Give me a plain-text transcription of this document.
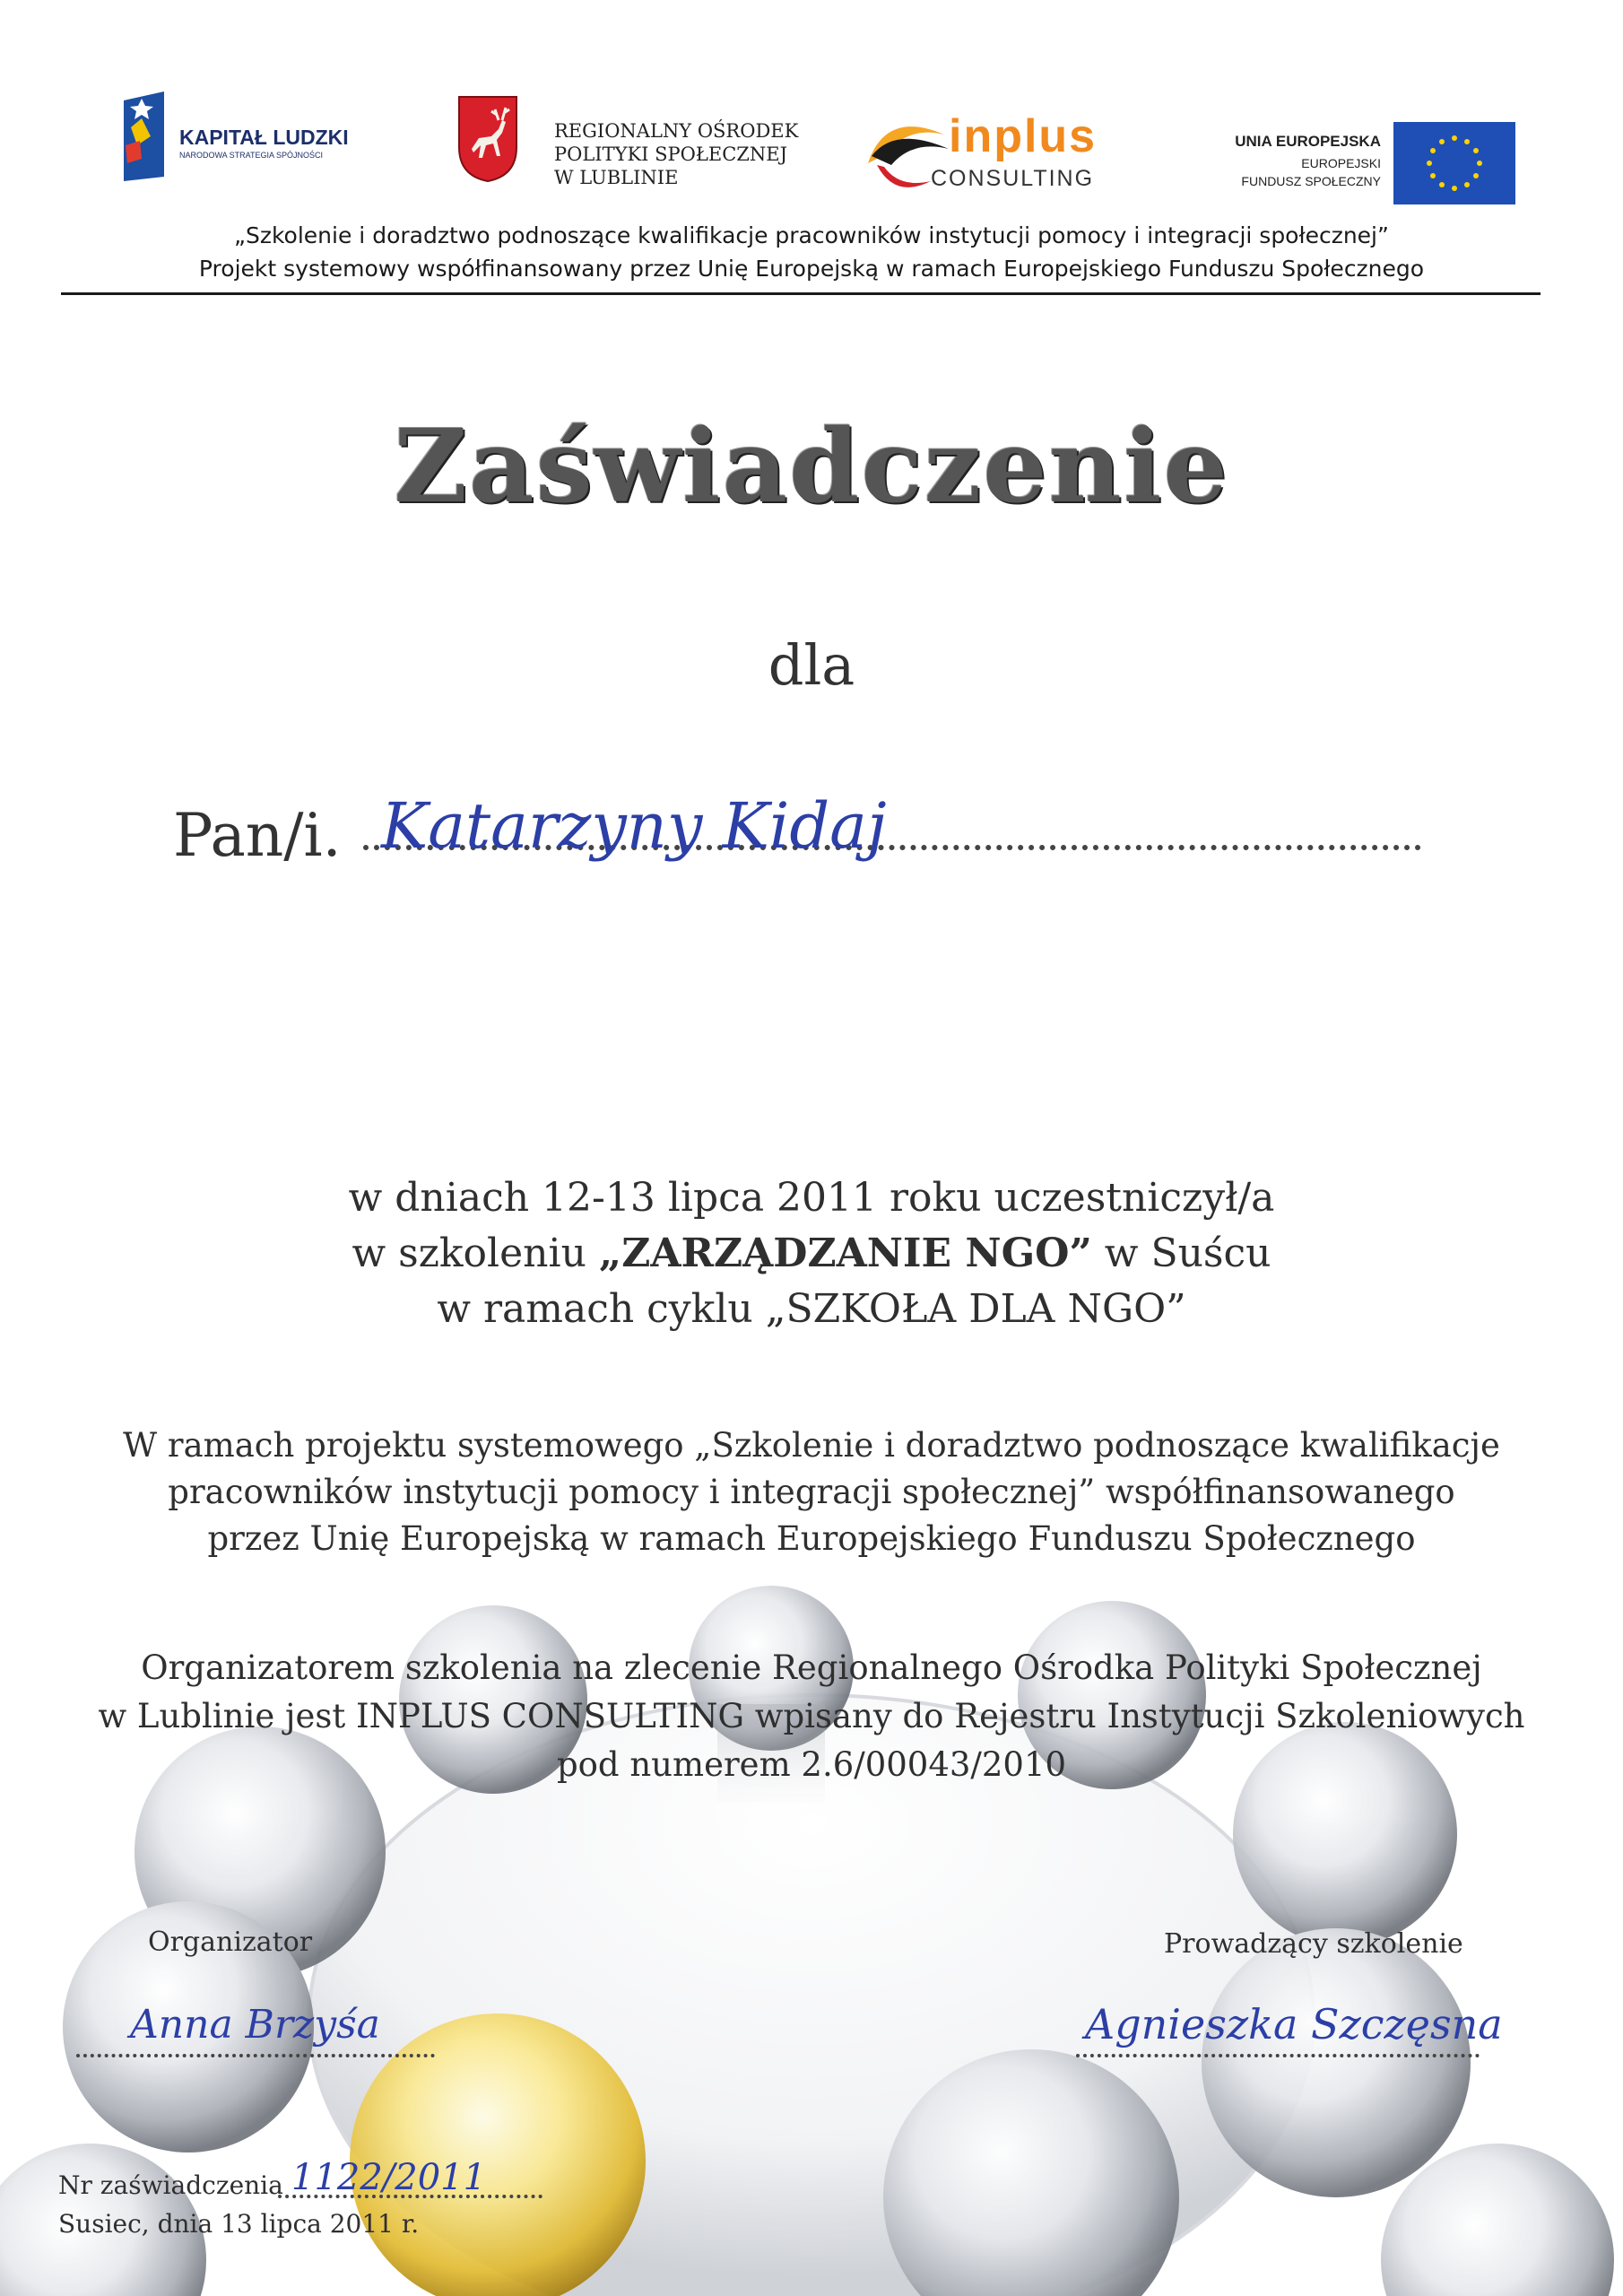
KAPITAŁ LUDZKI
NARODOWA STRATEGIA SPÓJNOŚCI
REGIONALNY OŚRODEK
POLITYKI SPOŁECZNEJ
W LUBLINIE
inplus
CONSULTING
UNIA EUROPEJSKA
EUROPEJSKI
FUNDUSZ SPOŁECZNY
„Szkolenie i doradztwo podnoszące kwalifikacje pracowników instytucji pomocy i integracji społecznej”
Projekt systemowy współfinansowany przez Unię Europejską w ramach Europejskiego Funduszu Społecznego
Zaświadczenie
dla
Pan/i. Katarzyny Kidaj
w dniach 12-13 lipca 2011 roku uczestniczył/a
w szkoleniu „ZARZĄDZANIE NGO” w Suścu
w ramach cyklu „SZKOŁA DLA NGO”
W ramach projektu systemowego „Szkolenie i doradztwo podnoszące kwalifikacje
pracowników instytucji pomocy i integracji społecznej” współfinansowanego
przez Unię Europejską w ramach Europejskiego Funduszu Społecznego
Organizatorem szkolenia na zlecenie Regionalnego Ośrodka Polityki Społecznej
w Lublinie jest INPLUS CONSULTING wpisany do Rejestru Instytucji Szkoleniowych
pod numerem 2.6/00043/2010
Organizator
Anna Brzyśa
Prowadzący szkolenie
Agnieszka Szczęsna
Nr zaświadczenia 1122/2011
Susiec, dnia 13 lipca 2011 r.
